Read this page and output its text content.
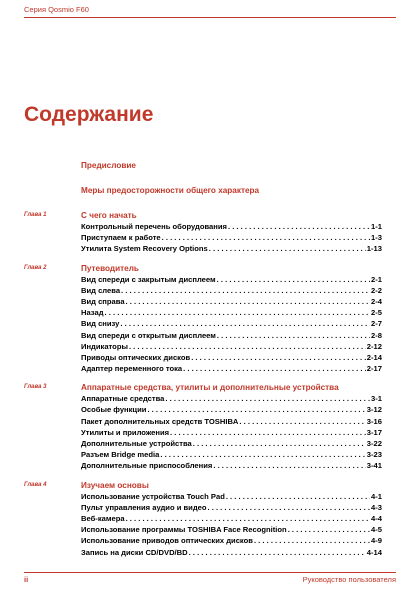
Серия Qosmio F60
Содержание
Предисловие
Меры предосторожности общего характера
Глава 1	С чего начать
Контрольный перечень оборудования . . .	1-1
Приступаем к работе . . .	1-3
Утилита System Recovery Options . . .	1-13
Глава 2	Путеводитель
Вид спереди с закрытым дисплеем . . .	2-1
Вид слева . . .	2-2
Вид справа . . .	2-4
Назад . . .	2-5
Вид снизу . . .	2-7
Вид спереди с открытым дисплеем . . .	2-8
Индикаторы . . .	2-12
Приводы оптических дисков . . .	2-14
Адаптер переменного тока . . .	2-17
Глава 3	Аппаратные средства, утилиты и дополнительные устройства
Аппаратные средства . . .	3-1
Особые функции . . .	3-12
Пакет дополнительных средств TOSHIBA . . .	3-16
Утилиты и приложения . . .	3-17
Дополнительные устройства . . .	3-22
Разъем Bridge media . . .	3-23
Дополнительные приспособления . . .	3-41
Глава 4	Изучаем основы
Использование устройства Touch Pad . . .	4-1
Пульт управления аудио и видео . . .	4-3
Веб-камера . . .	4-4
Использование программы TOSHIBA Face Recognition . . .	4-5
Использование приводов оптических дисков . . .	4-9
Запись на диски CD/DVD/BD . . .	4-14
ii	Руководство пользователя
